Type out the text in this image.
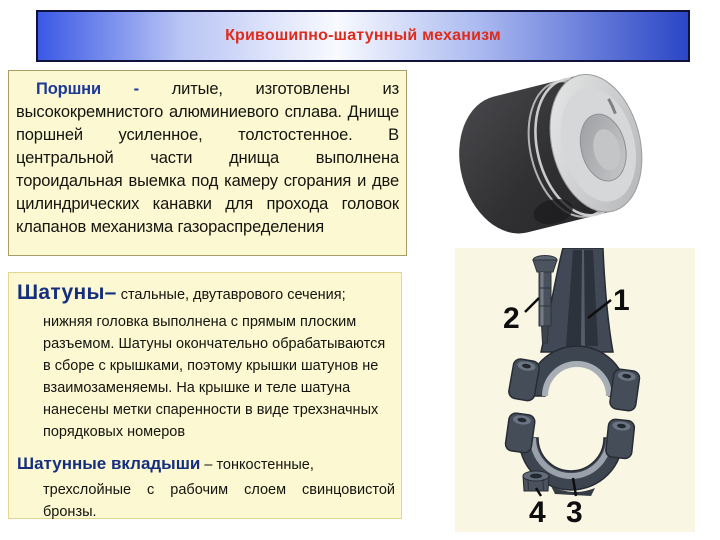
Кривошипно-шатунный механизм

Поршни - литые, изготовлены из высококремнистого алюминиевого сплава. Днище поршней усиленное, толстостенное. В центральной части днища выполнена тороидальная выемка под камеру сгорания и две цилиндрических канавки для прохода головок клапанов механизма газораспределения

Шатуны– стальные, двутаврового сечения;

нижняя головка выполнена с прямым плоским разъемом. Шатуны окончательно обрабатываются в сборе с крышками, поэтому крышки шатунов не взаимозаменяемы. На крышке и теле шатуна нанесены метки спаренности в виде трехзначных порядковых номеров

Шатунные вкладыши – тонкостенные,

трехслойные с рабочим слоем свинцовистой бронзы.

1
2
3
4
